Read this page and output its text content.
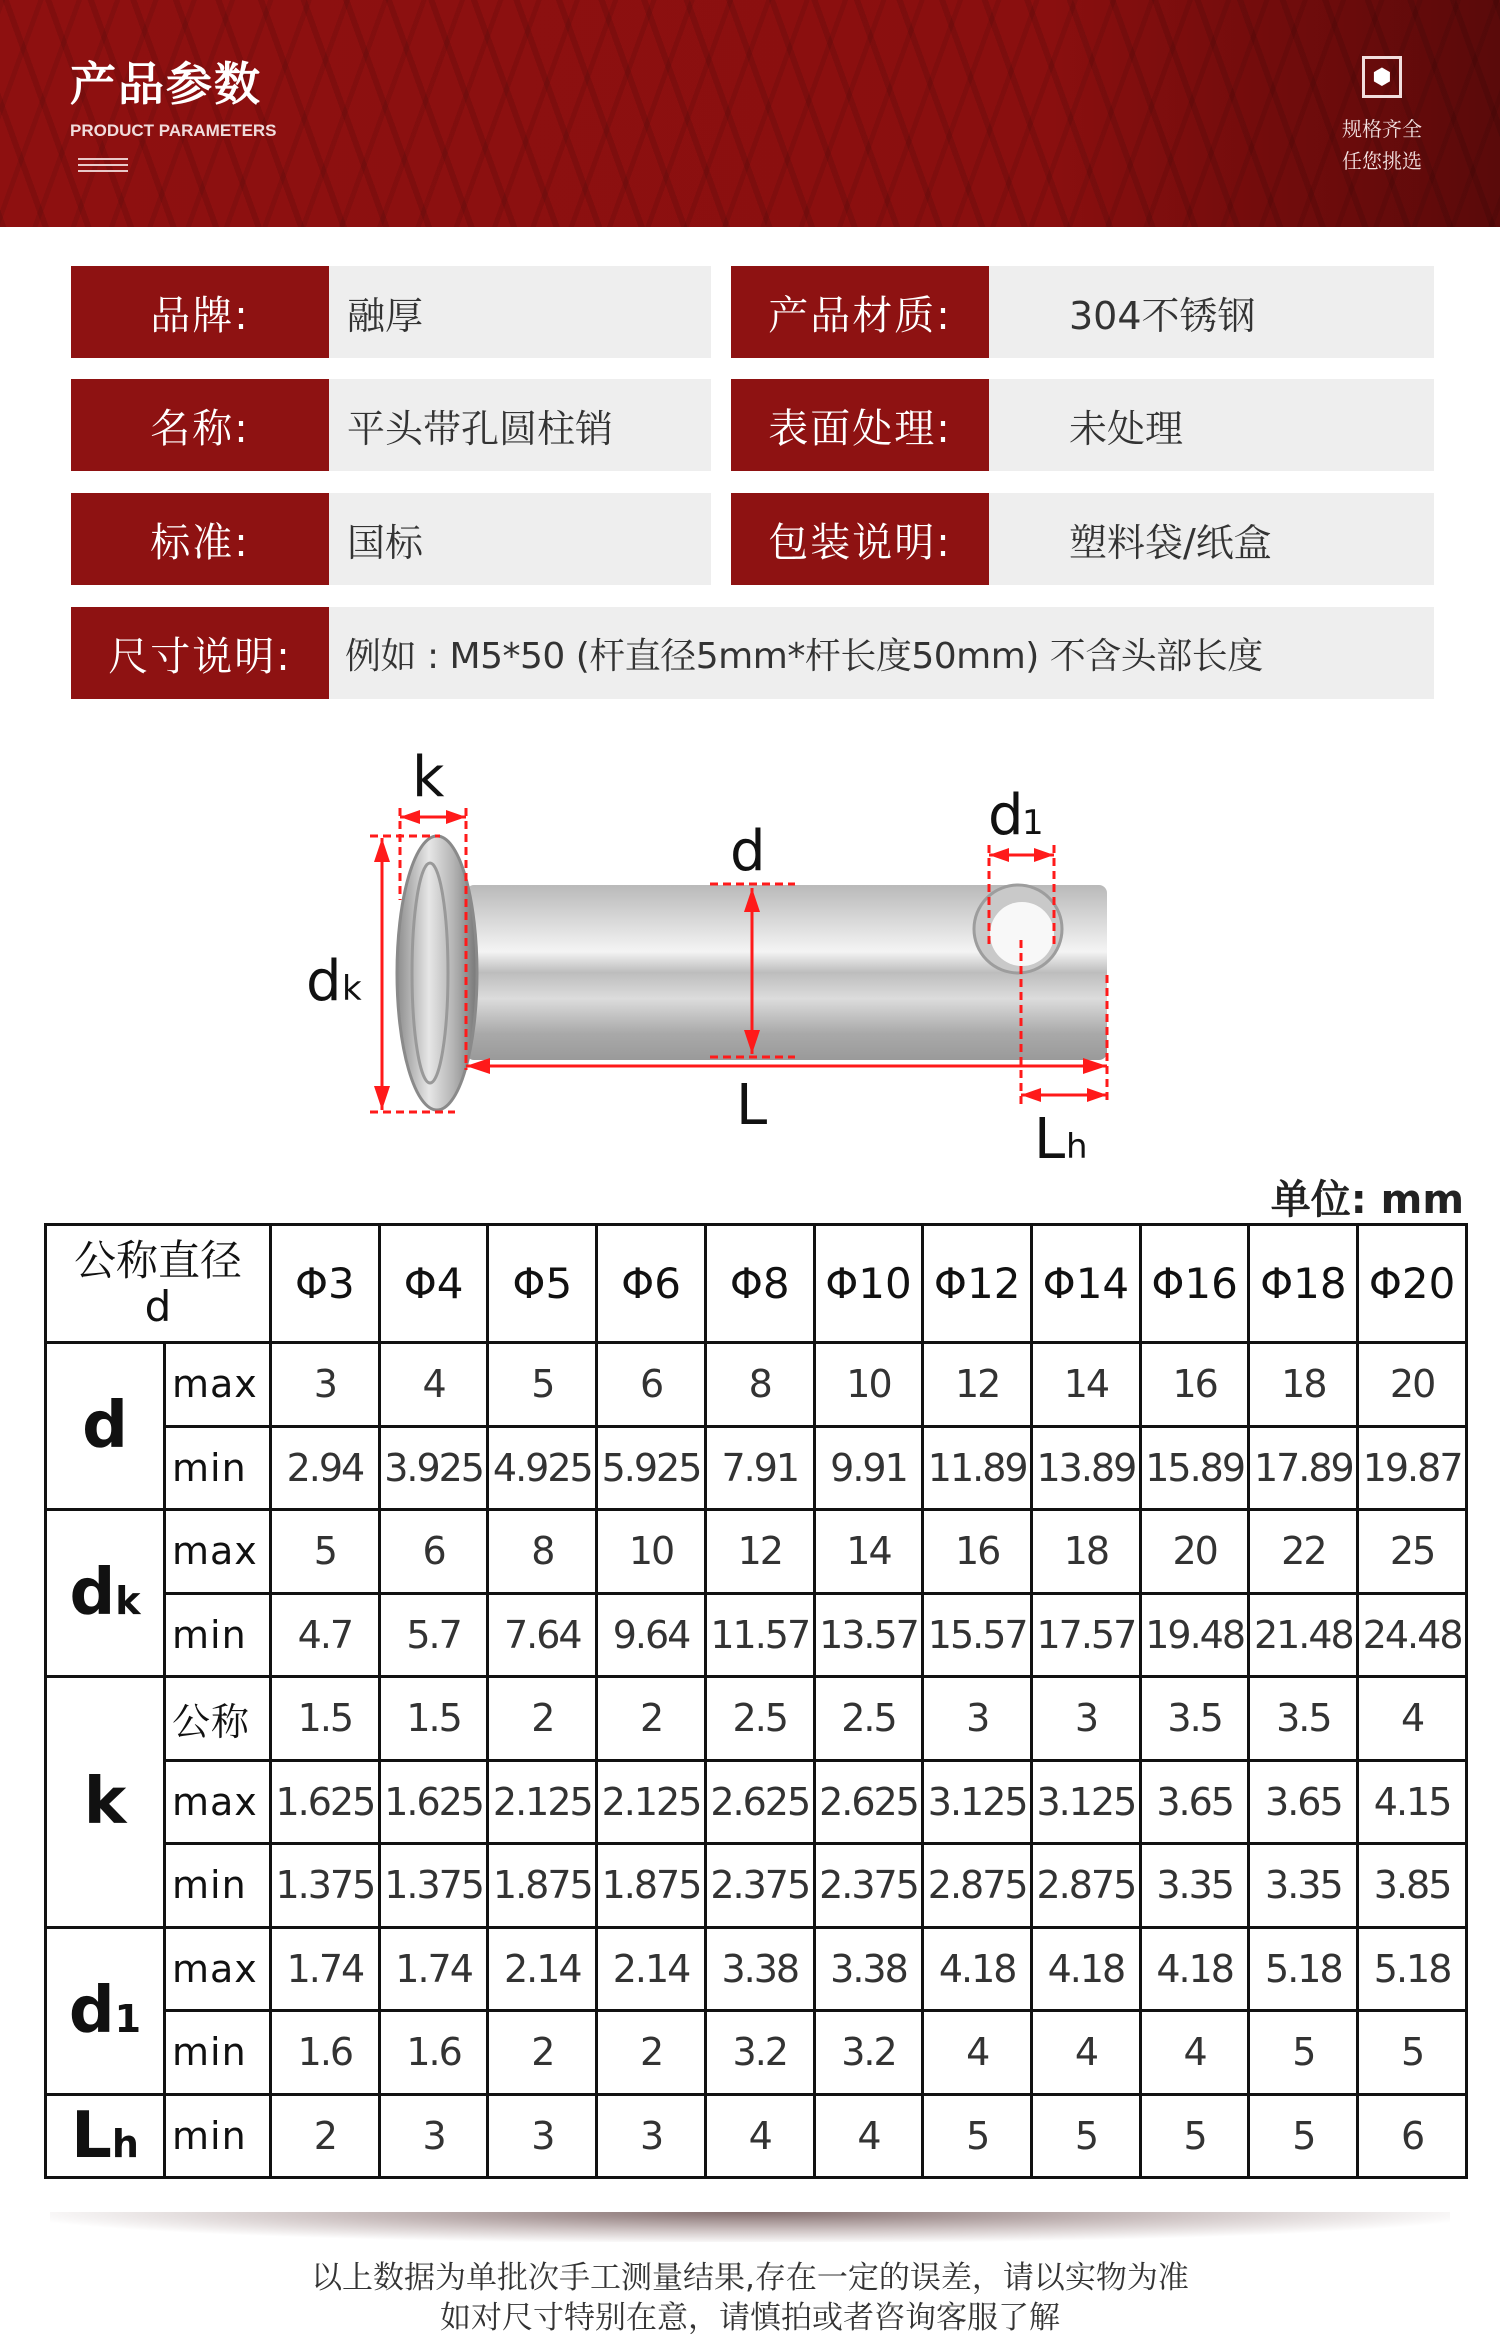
产品参数
PRODUCT PARAMETERS
⬢
规格齐全
任您挑选
品牌:	融厚	产品材质:	304不锈钢
名称:	平头带孔圆柱销	表面处理:	未处理
标准:	国标	包装说明:	塑料袋/纸盒
尺寸说明:	例如 : M5*50 (杆直径5mm*杆长度50mm) 不含头部长度
k
d
d
1
d k
L
L h
单位: mm
公称直径
d		Φ3	Φ4	Φ5	Φ6	Φ8	Φ10	Φ12	Φ14	Φ16	Φ18	Φ20
d	max	3	4	5	6	8	10	12	14	16	18	20
	min	2.94	3.925	4.925	5.925	7.91	9.91	11.89	13.89	15.89	17.89	19.87
dk	max	5	6	8	10	12	14	16	18	20	22	25
	min	4.7	5.7	7.64	9.64	11.57	13.57	15.57	17.57	19.48	21.48	24.48
k	公称	1.5	1.5	2	2	2.5	2.5	3	3	3.5	3.5	4
	max	1.625	1.625	2.125	2.125	2.625	2.625	3.125	3.125	3.65	3.65	4.15
	min	1.375	1.375	1.875	1.875	2.375	2.375	2.875	2.875	3.35	3.35	3.85
d1	max	1.74	1.74	2.14	2.14	3.38	3.38	4.18	4.18	4.18	5.18	5.18
	min	1.6	1.6	2	2	3.2	3.2	4	4	4	5	5
Lh	min	2	3	3	3	4	4	5	5	5	5	6
以上数据为单批次手工测量结果,存在一定的误差，请以实物为准
如对尺寸特别在意，请慎拍或者咨询客服了解
